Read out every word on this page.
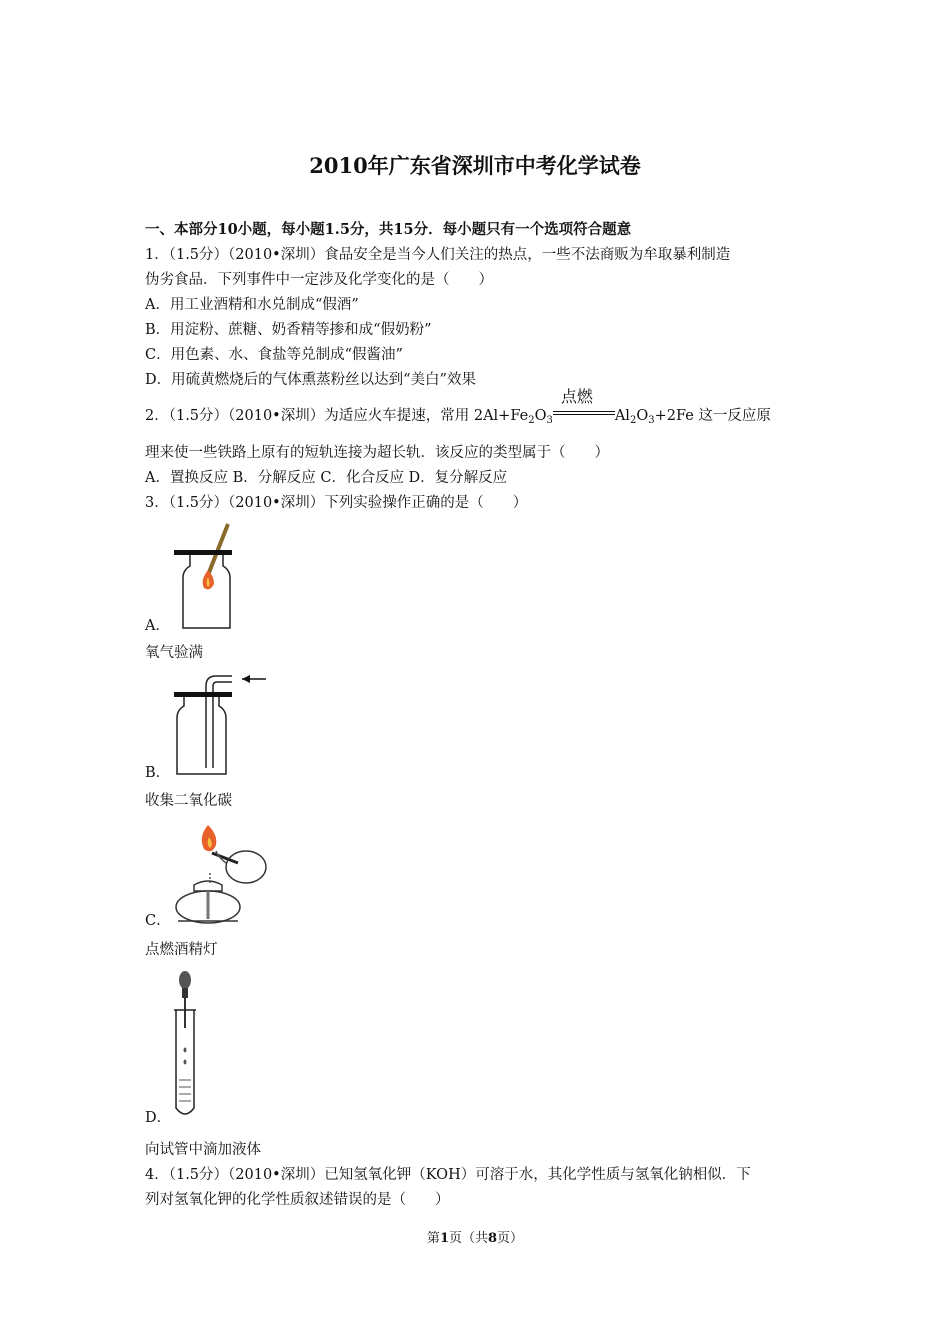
2010年广东省深圳市中考化学试卷
一、本部分10小题，每小题1.5分，共15分．每小题只有一个选项符合题意
1．（1.5分）（2010•深圳）食品安全是当今人们关注的热点，一些不法商贩为牟取暴利制造
伪劣食品．下列事件中一定涉及化学变化的是（　　）
A．用工业酒精和水兑制成“假酒”
B．用淀粉、蔗糖、奶香精等掺和成“假奶粉”
C．用色素、水、食盐等兑制成“假酱油”
D．用硫黄燃烧后的气体熏蒸粉丝以达到“美白”效果
2．（1.5分）（2010•深圳）为适应火车提速，常用 $2Al+Fe_2O_3$
点燃
$Al_2O_3+2Fe$ 这一反应原
理来使一些铁路上原有的短轨连接为超长轨．该反应的类型属于（　　）
A．置换反应 B．分解反应 C．化合反应 D．复分解反应
3．（1.5分）（2010•深圳）下列实验操作正确的是（　　）
A．
氧气验满
B．
收集二氧化碳
C．
点燃酒精灯
D．
向试管中滴加液体
4．（1.5分）（2010•深圳）已知氢氧化钾（KOH）可溶于水，其化学性质与氢氧化钠相似．下
列对氢氧化钾的化学性质叙述错误的是（　　）
第1页（共8页）
